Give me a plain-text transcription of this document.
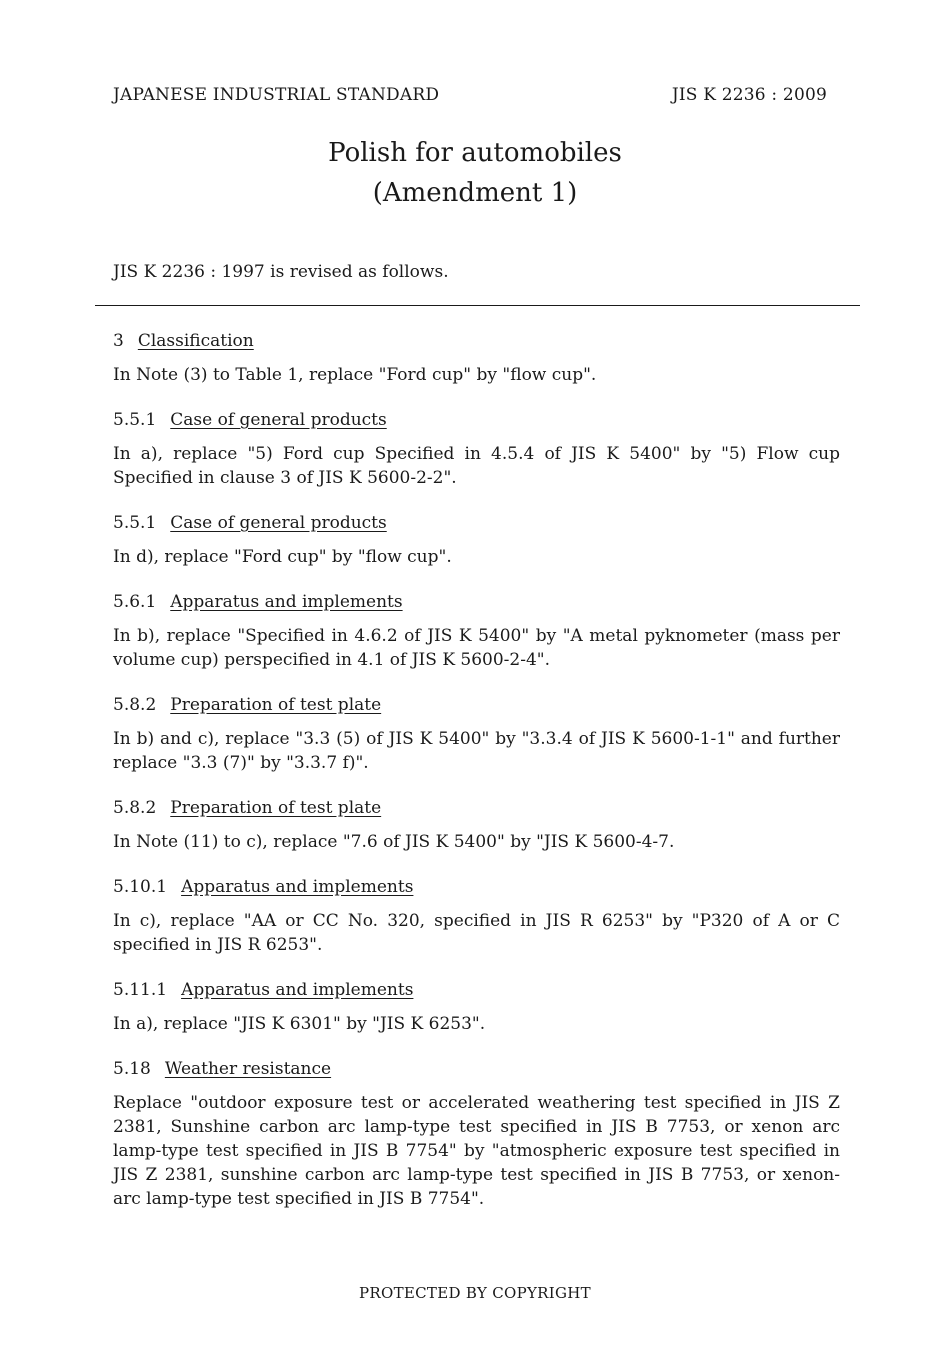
JAPANESE INDUSTRIAL STANDARD	JIS K 2236 : 2009
Polish for automobiles
(Amendment 1)
JIS K 2236 : 1997 is revised as follows.
3 Classification
In Note (3) to Table 1, replace "Ford cup" by "flow cup".
5.5.1 Case of general products
In a), replace "5) Ford cup Specified in 4.5.4 of JIS K 5400" by "5) Flow cup Specified in clause 3 of JIS K 5600-2-2".
5.5.1 Case of general products
In d), replace "Ford cup" by "flow cup".
5.6.1 Apparatus and implements
In b), replace "Specified in 4.6.2 of JIS K 5400" by "A metal pyknometer (mass per volume cup) perspecified in 4.1 of JIS K 5600-2-4".
5.8.2 Preparation of test plate
In b) and c), replace "3.3 (5) of JIS K 5400" by "3.3.4 of JIS K 5600-1-1" and further replace "3.3 (7)" by "3.3.7 f)".
5.8.2 Preparation of test plate
In Note (11) to c), replace "7.6 of JIS K 5400" by "JIS K 5600-4-7.
5.10.1 Apparatus and implements
In c), replace "AA or CC No. 320, specified in JIS R 6253" by "P320 of A or C specified in JIS R 6253".
5.11.1 Apparatus and implements
In a), replace "JIS K 6301" by "JIS K 6253".
5.18 Weather resistance
Replace "outdoor exposure test or accelerated weathering test specified in JIS Z 2381, Sunshine carbon arc lamp-type test specified in JIS B 7753, or xenon arc lamp-type test specified in JIS B 7754" by "atmospheric exposure test specified in JIS Z 2381, sunshine carbon arc lamp-type test specified in JIS B 7753, or xenon-arc lamp-type test specified in JIS B 7754".
PROTECTED BY COPYRIGHT
